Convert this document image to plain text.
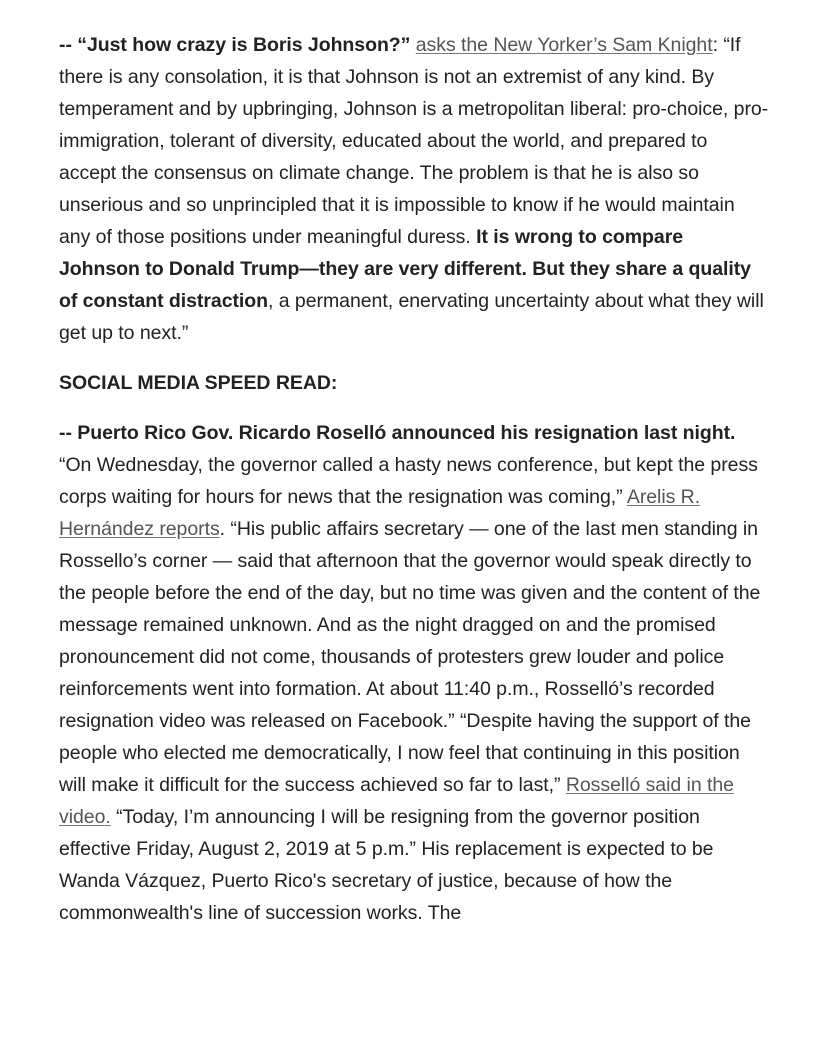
-- “Just how crazy is Boris Johnson?” asks the New Yorker’s Sam Knight: “If there is any consolation, it is that Johnson is not an extremist of any kind. By temperament and by upbringing, Johnson is a metropolitan liberal: pro-choice, pro-immigration, tolerant of diversity, educated about the world, and prepared to accept the consensus on climate change. The problem is that he is also so unserious and so unprincipled that it is impossible to know if he would maintain any of those positions under meaningful duress. It is wrong to compare Johnson to Donald Trump—they are very different. But they share a quality of constant distraction, a permanent, enervating uncertainty about what they will get up to next.”

SOCIAL MEDIA SPEED READ:

-- Puerto Rico Gov. Ricardo Roselló announced his resignation last night. “On Wednesday, the governor called a hasty news conference, but kept the press corps waiting for hours for news that the resignation was coming,” Arelis R. Hernández reports. “His public affairs secretary — one of the last men standing in Rossello’s corner — said that afternoon that the governor would speak directly to the people before the end of the day, but no time was given and the content of the message remained unknown. And as the night dragged on and the promised pronouncement did not come, thousands of protesters grew louder and police reinforcements went into formation. At about 11:40 p.m., Rosselló’s recorded resignation video was released on Facebook.” “Despite having the support of the people who elected me democratically, I now feel that continuing in this position will make it difficult for the success achieved so far to last,” Rosselló said in the video. “Today, I’m announcing I will be resigning from the governor position effective Friday, August 2, 2019 at 5 p.m.” His replacement is expected to be Wanda Vázquez, Puerto Rico's secretary of justice, because of how the commonwealth's line of succession works. The
